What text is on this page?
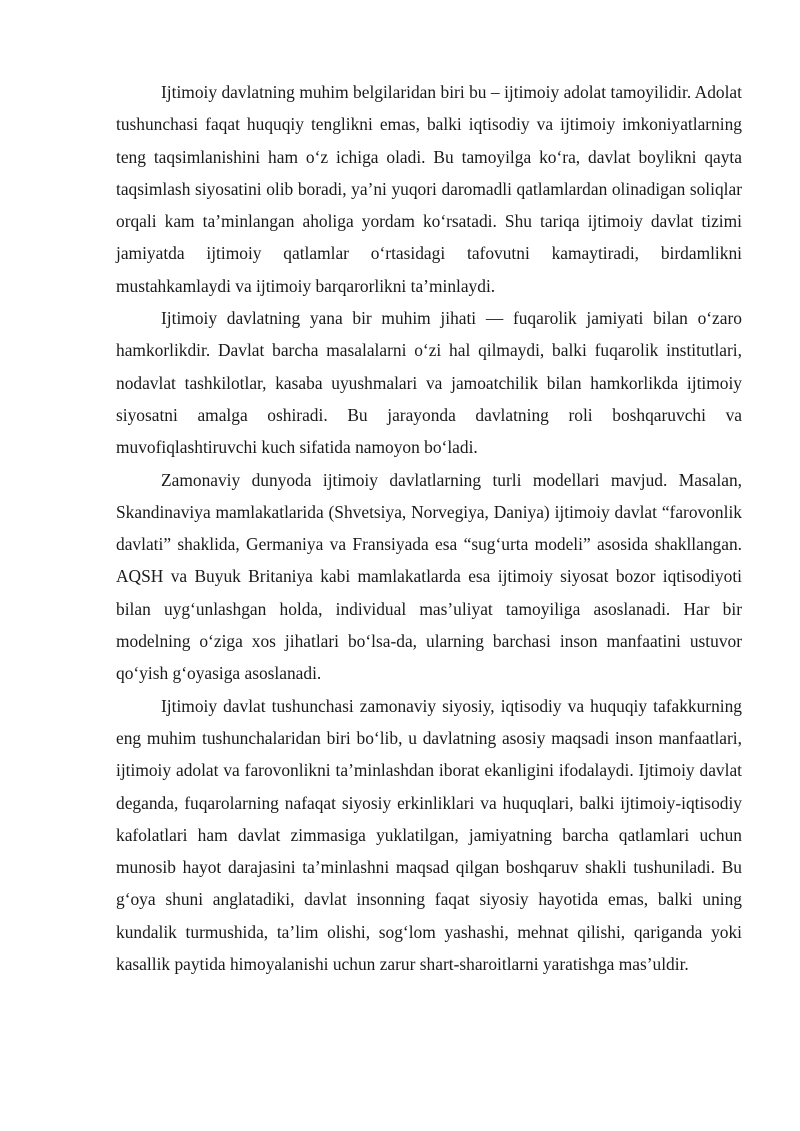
Ijtimoiy davlatning muhim belgilaridan biri bu – ijtimoiy adolat tamoyilidir. Adolat tushunchasi faqat huquqiy tenglikni emas, balki iqtisodiy va ijtimoiy imkoniyatlarning teng taqsimlanishini ham o‘z ichiga oladi. Bu tamoyilga ko‘ra, davlat boylikni qayta taqsimlash siyosatini olib boradi, ya’ni yuqori daromadli qatlamlardan olinadigan soliqlar orqali kam ta’minlangan aholiga yordam ko‘rsatadi. Shu tariqa ijtimoiy davlat tizimi jamiyatda ijtimoiy qatlamlar o‘rtasidagi tafovutni kamaytiradi, birdamlikni mustahkamlaydi va ijtimoiy barqarorlikni ta’minlaydi.

Ijtimoiy davlatning yana bir muhim jihati — fuqarolik jamiyati bilan o‘zaro hamkorlikdir. Davlat barcha masalalarni o‘zi hal qilmaydi, balki fuqarolik institutlari, nodavlat tashkilotlar, kasaba uyushmalari va jamoatchilik bilan hamkorlikda ijtimoiy siyosatni amalga oshiradi. Bu jarayonda davlatning roli boshqaruvchi va muvofiqlashtiruvchi kuch sifatida namoyon bo‘ladi.

Zamonaviy dunyoda ijtimoiy davlatlarning turli modellari mavjud. Masalan, Skandinaviya mamlakatlarida (Shvetsiya, Norvegiya, Daniya) ijtimoiy davlat “farovonlik davlati” shaklida, Germaniya va Fransiyada esa “sug‘urta modeli” asosida shakllangan. AQSH va Buyuk Britaniya kabi mamlakatlarda esa ijtimoiy siyosat bozor iqtisodiyoti bilan uyg‘unlashgan holda, individual mas’uliyat tamoyiliga asoslanadi. Har bir modelning o‘ziga xos jihatlari bo‘lsa-da, ularning barchasi inson manfaatini ustuvor qo‘yish g‘oyasiga asoslanadi.

Ijtimoiy davlat tushunchasi zamonaviy siyosiy, iqtisodiy va huquqiy tafakkurning eng muhim tushunchalaridan biri bo‘lib, u davlatning asosiy maqsadi inson manfaatlari, ijtimoiy adolat va farovonlikni ta’minlashdan iborat ekanligini ifodalaydi. Ijtimoiy davlat deganda, fuqarolarning nafaqat siyosiy erkinliklari va huquqlari, balki ijtimoiy-iqtisodiy kafolatlari ham davlat zimmasiga yuklatilgan, jamiyatning barcha qatlamlari uchun munosib hayot darajasini ta’minlashni maqsad qilgan boshqaruv shakli tushuniladi. Bu g‘oya shuni anglatadiki, davlat insonning faqat siyosiy hayotida emas, balki uning kundalik turmushida, ta’lim olishi, sog‘lom yashashi, mehnat qilishi, qariganda yoki kasallik paytida himoyalanishi uchun zarur shart-sharoitlarni yaratishga mas’uldir.
